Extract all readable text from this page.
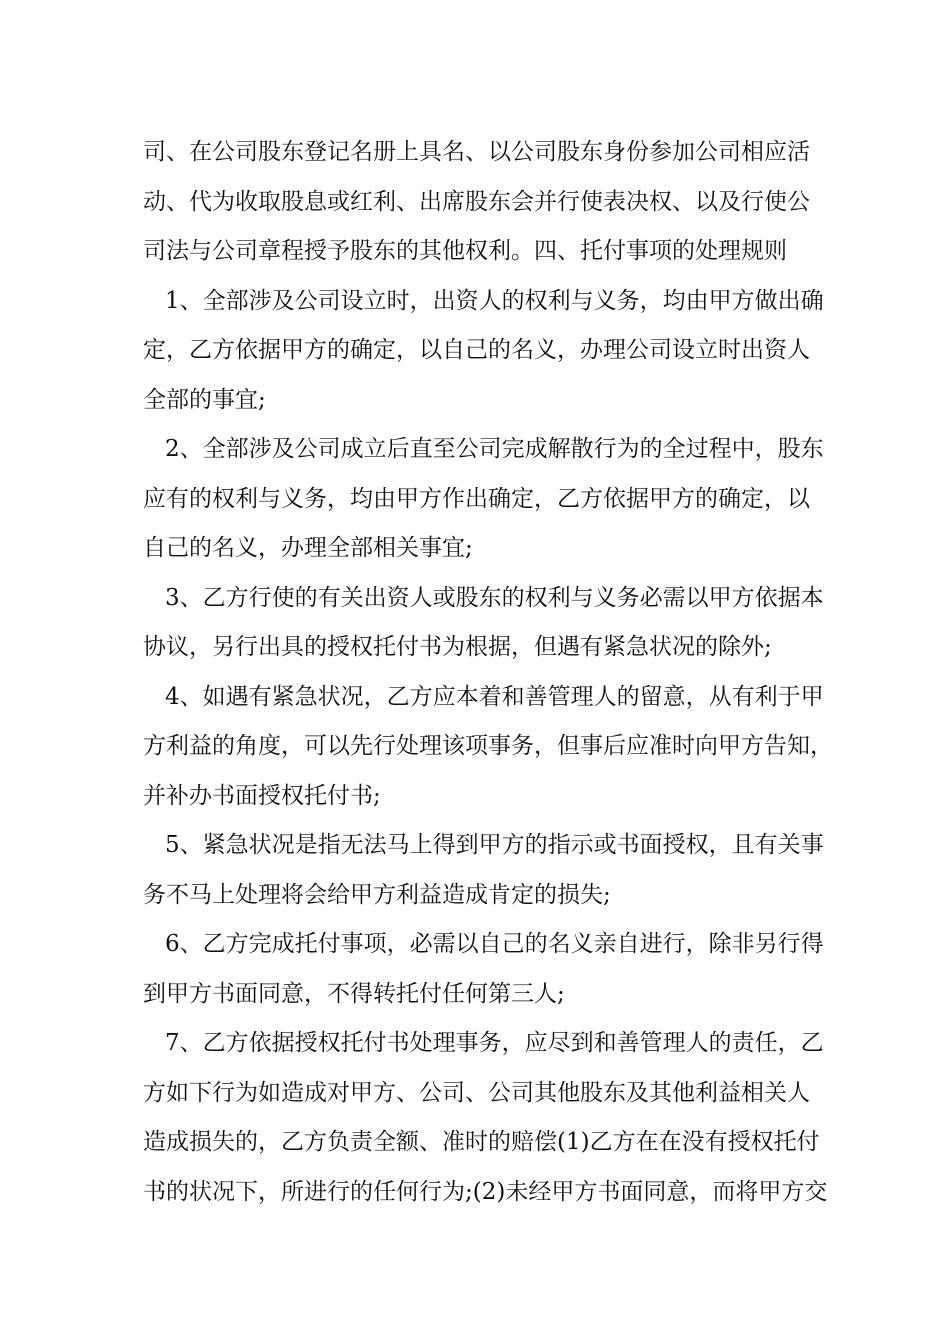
司、在公司股东登记名册上具名、以公司股东身份参加公司相应活
动、代为收取股息或红利、出席股东会并行使表决权、以及行使公
司法与公司章程授予股东的其他权利。四、托付事项的处理规则
1、全部涉及公司设立时，出资人的权利与义务，均由甲方做出确
定，乙方依据甲方的确定，以自己的名义，办理公司设立时出资人
全部的事宜;
2、全部涉及公司成立后直至公司完成解散行为的全过程中，股东
应有的权利与义务，均由甲方作出确定，乙方依据甲方的确定，以
自己的名义，办理全部相关事宜;
3、乙方行使的有关出资人或股东的权利与义务必需以甲方依据本
协议，另行出具的授权托付书为根据，但遇有紧急状况的除外;
4、如遇有紧急状况，乙方应本着和善管理人的留意，从有利于甲
方利益的角度，可以先行处理该项事务，但事后应准时向甲方告知，
并补办书面授权托付书;
5、紧急状况是指无法马上得到甲方的指示或书面授权，且有关事
务不马上处理将会给甲方利益造成肯定的损失;
6、乙方完成托付事项，必需以自己的名义亲自进行，除非另行得
到甲方书面同意，不得转托付任何第三人;
7、乙方依据授权托付书处理事务，应尽到和善管理人的责任，乙
方如下行为如造成对甲方、公司、公司其他股东及其他利益相关人
造成损失的，乙方负责全额、准时的赔偿(1)乙方在在没有授权托付
书的状况下，所进行的任何行为;(2)未经甲方书面同意，而将甲方交
